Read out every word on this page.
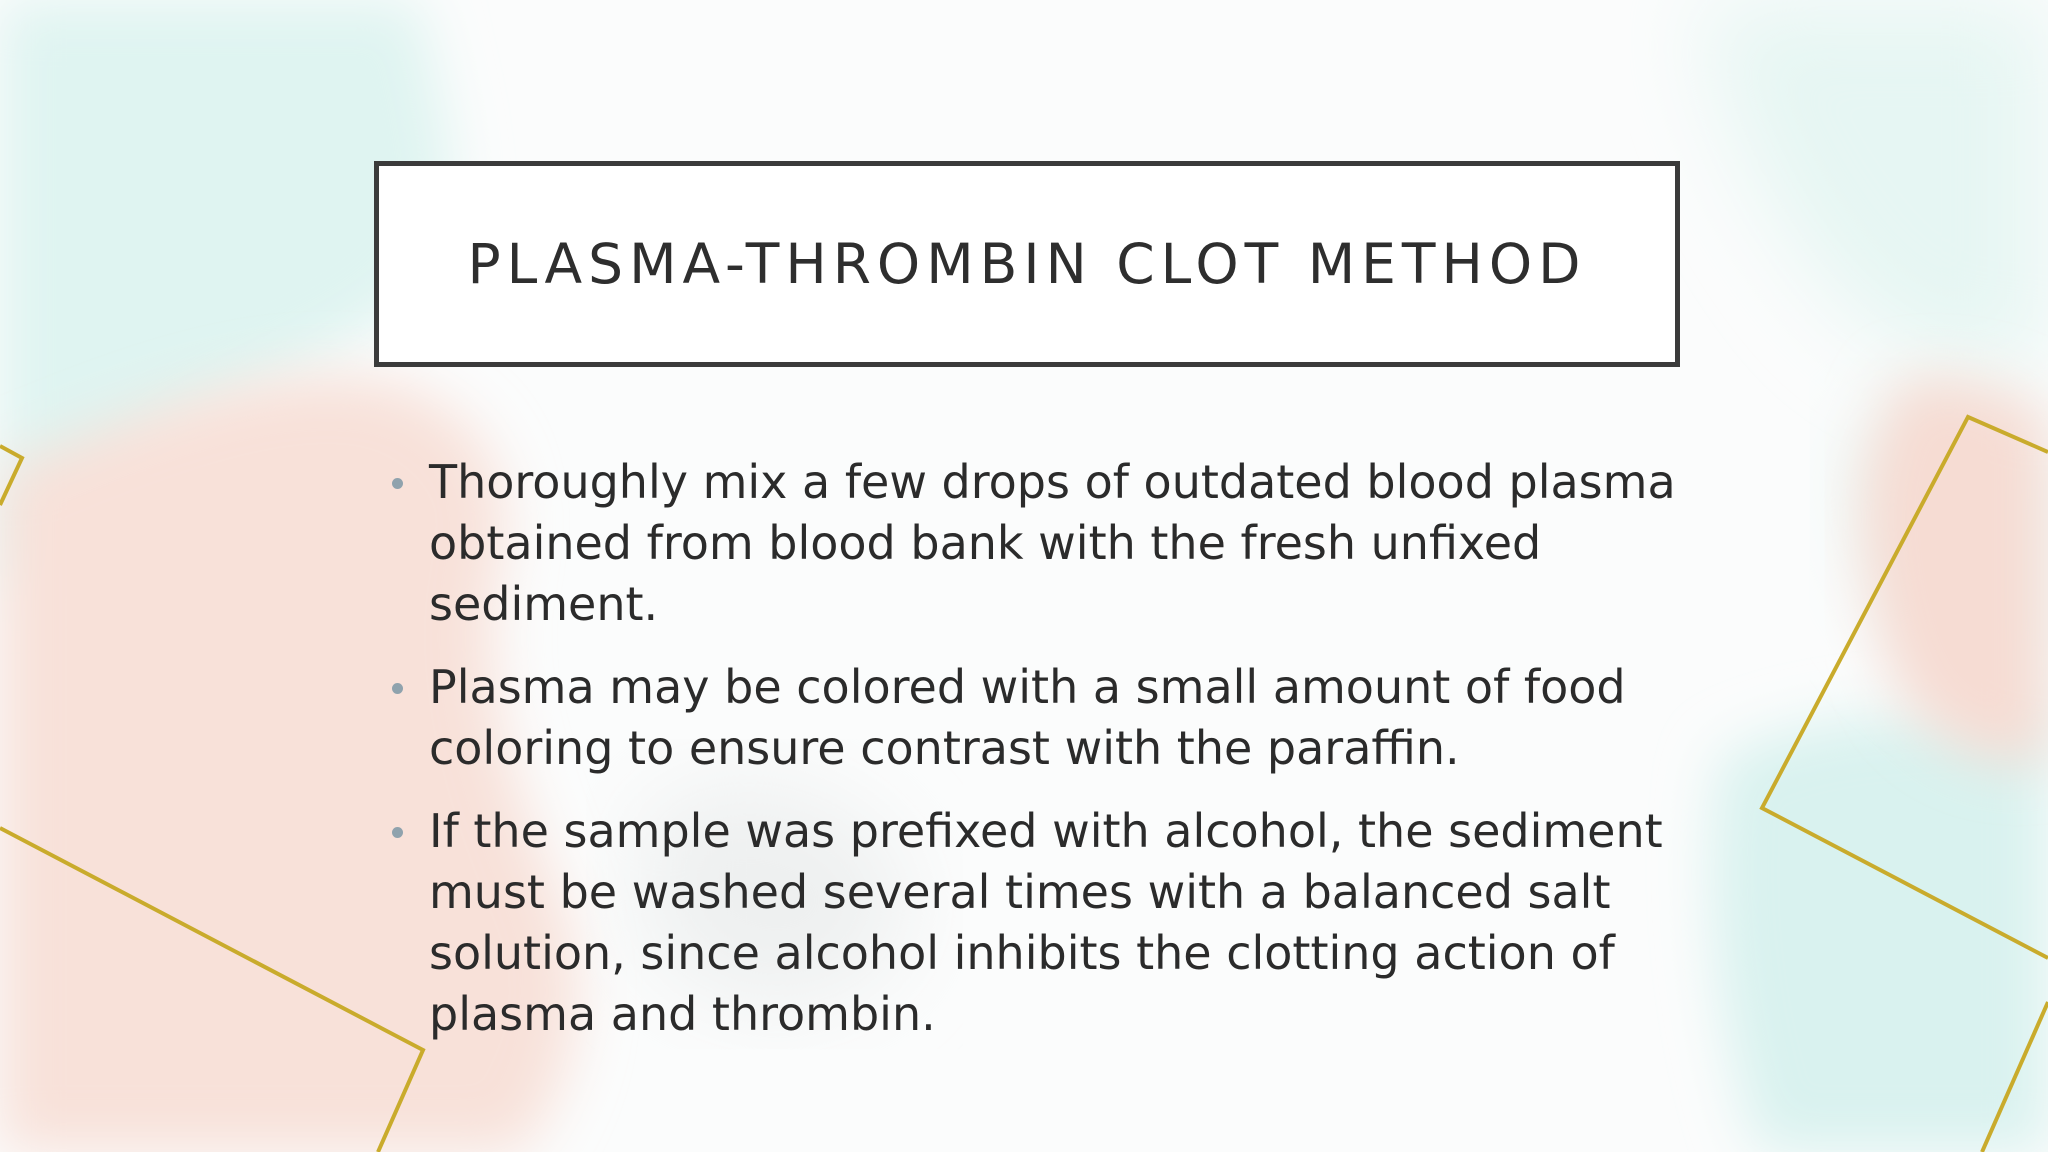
PLASMA-THROMBIN CLOT METHOD
Thoroughly mix a few drops of outdated blood plasma obtained from blood bank with the fresh unfixed sediment.
Plasma may be colored with a small amount of food coloring to ensure contrast with the paraffin.
If the sample was prefixed with alcohol, the sediment must be washed several times with a balanced salt solution, since alcohol inhibits the clotting action of plasma and thrombin.
